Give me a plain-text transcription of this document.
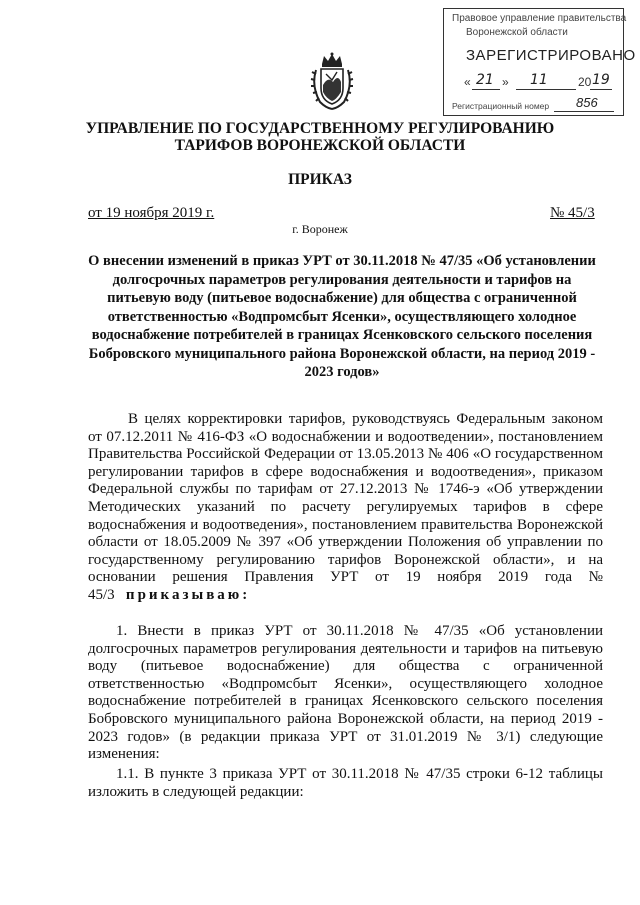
Правовое управление правительства
Воронежской области
ЗАРЕГИСТРИРОВАНО
« 21 » 11	20 19
Регистрационный номер 856
УПРАВЛЕНИЕ ПО ГОСУДАРСТВЕННОМУ РЕГУЛИРОВАНИЮ
ТАРИФОВ ВОРОНЕЖСКОЙ ОБЛАСТИ
ПРИКАЗ
от 19 ноября 2019 г.	№ 45/3
г. Воронеж
О внесении изменений в приказ УРТ от 30.11.2018 № 47/35 «Об установлении долгосрочных параметров регулирования деятельности и тарифов на питьевую воду (питьевое водоснабжение) для общества с ограниченной ответственностью «Водпромсбыт Ясенки», осуществляющего холодное водоснабжение потребителей в границах Ясенковского сельского поселения Бобровского муниципального района Воронежской области, на период 2019 - 2023 годов»
В целях корректировки тарифов, руководствуясь Федеральным законом от 07.12.2011 № 416-ФЗ «О водоснабжении и водоотведении», постановлением Правительства Российской Федерации от 13.05.2013 № 406 «О государственном регулировании тарифов в сфере водоснабжения и водоотведения», приказом Федеральной службы по тарифам от 27.12.2013 № 1746-э «Об утверждении Методических указаний по расчету регулируемых тарифов в сфере водоснабжения и водоотведения», постановлением правительства Воронежской области от 18.05.2009 № 397 «Об утверждении Положения об управлении по государственному регулированию тарифов Воронежской области», и на основании решения Правления УРТ от 19 ноября 2019 года № 45/3 приказываю:
1. Внести в приказ УРТ от 30.11.2018 № 47/35 «Об установлении долгосрочных параметров регулирования деятельности и тарифов на питьевую воду (питьевое водоснабжение) для общества с ограниченной ответственностью «Водпромсбыт Ясенки», осуществляющего холодное водоснабжение потребителей в границах Ясенковского сельского поселения Бобровского муниципального района Воронежской области, на период 2019 - 2023 годов» (в редакции приказа УРТ от 31.01.2019 № 3/1) следующие изменения:
1.1. В пункте 3 приказа УРТ от 30.11.2018 № 47/35 строки 6-12 таблицы изложить в следующей редакции:
